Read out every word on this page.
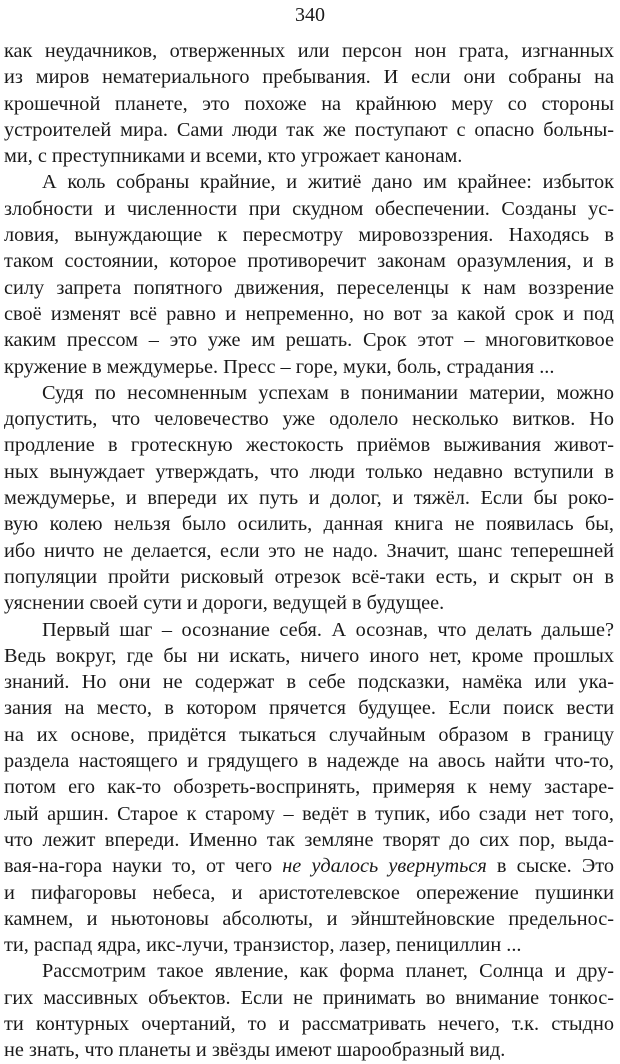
340
как неудачников, отверженных или персон нон грата, изгнанных
из миров нематериального пребывания. И если они собраны на
крошечной планете, это похоже на крайнюю меру со стороны
устроителей мира. Сами люди так же поступают с опасно больны-
ми, с преступниками и всеми, кто угрожает канонам.
А коль собраны крайние, и житиё дано им крайнее: избыток
злобности и численности при скудном обеспечении. Созданы ус-
ловия, вынуждающие к пересмотру мировоззрения. Находясь в
таком состоянии, которое противоречит законам оразумления, и в
силу запрета попятного движения, переселенцы к нам воззрение
своё изменят всё равно и непременно, но вот за какой срок и под
каким прессом – это уже им решать. Срок этот – многовитковое
кружение в междумерье. Пресс – горе, муки, боль, страдания ...
Судя по несомненным успехам в понимании материи, можно
допустить, что человечество уже одолело несколько витков. Но
продление в гротескную жестокость приёмов выживания живот-
ных вынуждает утверждать, что люди только недавно вступили в
междумерье, и впереди их путь и долог, и тяжёл. Если бы роко-
вую колею нельзя было осилить, данная книга не появилась бы,
ибо ничто не делается, если это не надо. Значит, шанс теперешней
популяции пройти рисковый отрезок всё-таки есть, и скрыт он в
уяснении своей сути и дороги, ведущей в будущее.
Первый шаг – осознание себя. А осознав, что делать дальше?
Ведь вокруг, где бы ни искать, ничего иного нет, кроме прошлых
знаний. Но они не содержат в себе подсказки, намёка или ука-
зания на место, в котором прячется будущее. Если поиск вести
на их основе, придётся тыкаться случайным образом в границу
раздела настоящего и грядущего в надежде на авось найти что-то,
потом его как-то обозреть-воспринять, примеряя к нему застаре-
лый аршин. Старое к старому – ведёт в тупик, ибо сзади нет того,
что лежит впереди. Именно так земляне творят до сих пор, выда-
вая-на-гора науки то, от чего не удалось увернуться в сыске. Это
и пифагоровы небеса, и аристотелевское опережение пушинки
камнем, и ньютоновы абсолюты, и эйнштейновские предельнос-
ти, распад ядра, икс-лучи, транзистор, лазер, пенициллин ...
Рассмотрим такое явление, как форма планет, Солнца и дру-
гих массивных объектов. Если не принимать во внимание тонкос-
ти контурных очертаний, то и рассматривать нечего, т.к. стыдно
не знать, что планеты и звёзды имеют шарообразный вид.
